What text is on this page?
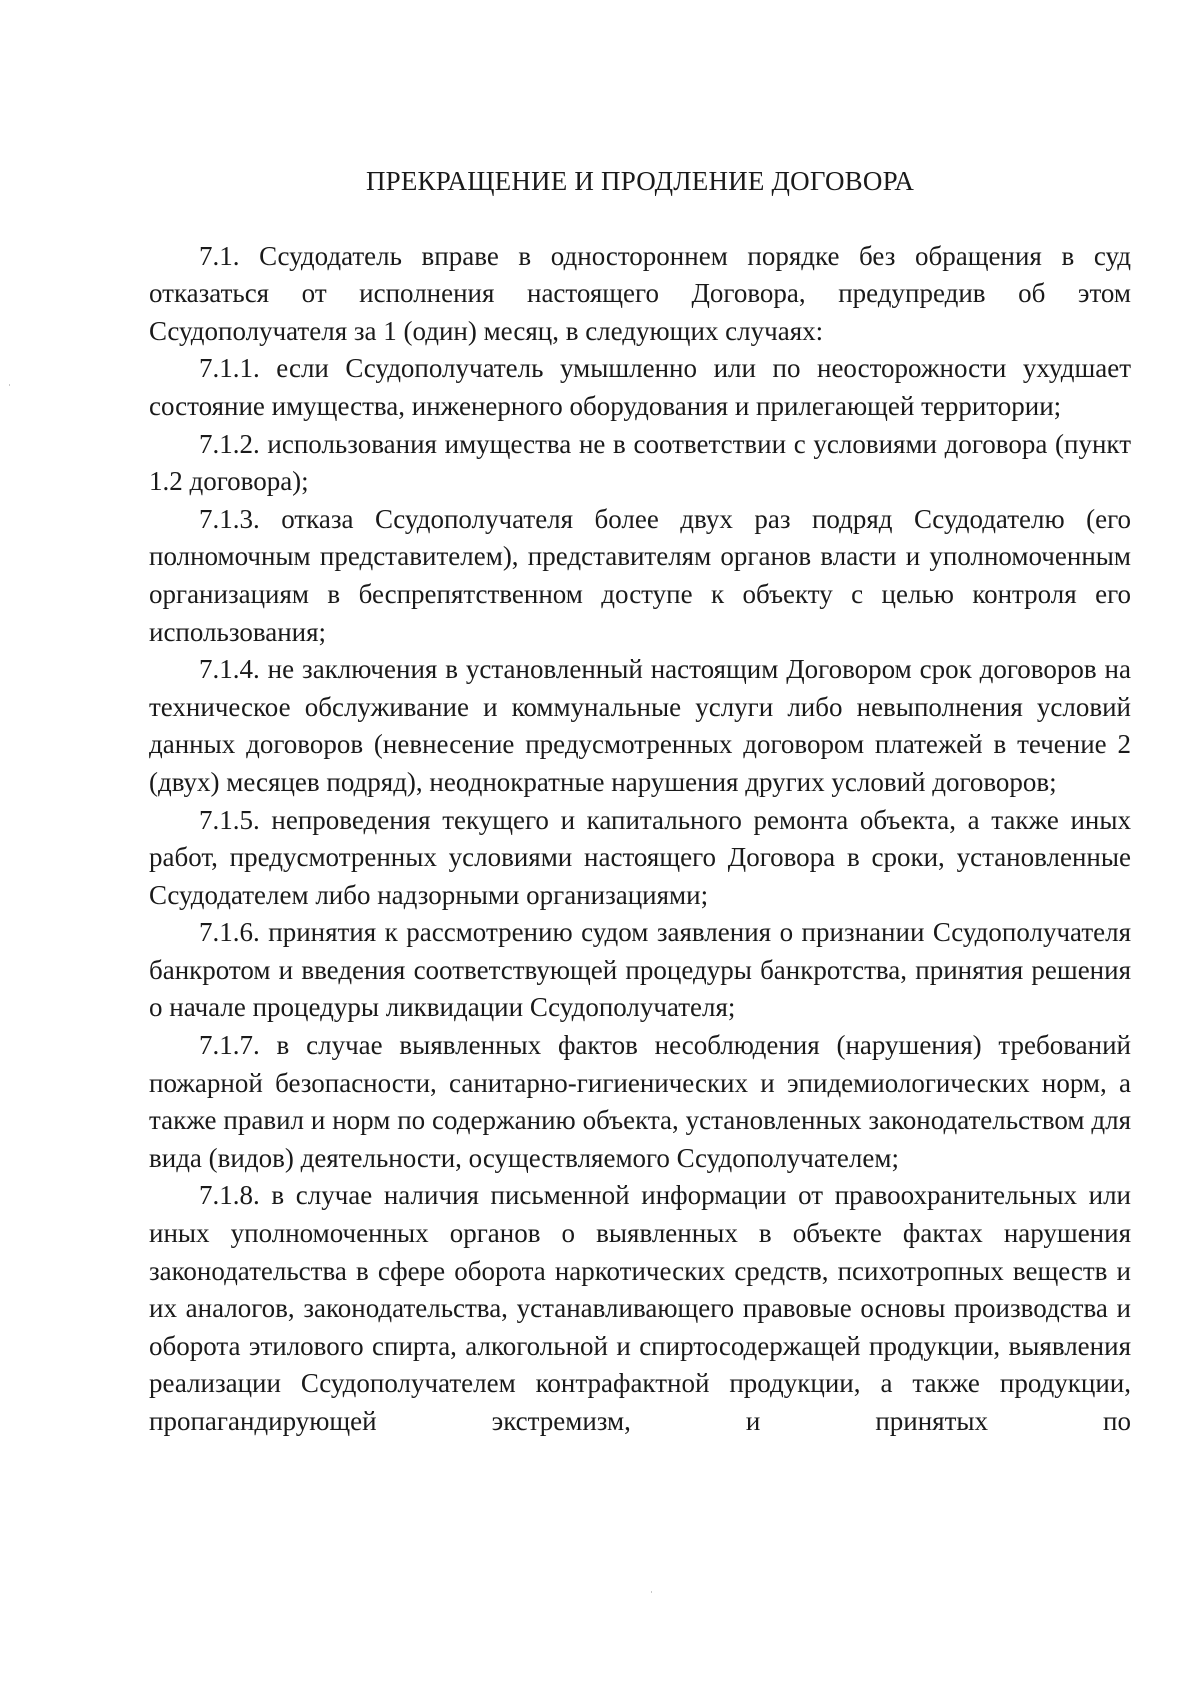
ПРЕКРАЩЕНИЕ И ПРОДЛЕНИЕ ДОГОВОРА

7.1. Ссудодатель вправе в одностороннем порядке без обращения в суд отказаться от исполнения настоящего Договора, предупредив об этом Ссудополучателя за 1 (один) месяц, в следующих случаях:

7.1.1. если Ссудополучатель умышленно или по неосторожности ухудшает состояние имущества, инженерного оборудования и прилегающей территории;

7.1.2. использования имущества не в соответствии с условиями договора (пункт 1.2 договора);

7.1.3. отказа Ссудополучателя более двух раз подряд Ссудодателю (его полномочным представителем), представителям органов власти и уполномоченным организациям в беспрепятственном доступе к объекту с целью контроля его использования;

7.1.4. не заключения в установленный настоящим Договором срок договоров на техническое обслуживание и коммунальные услуги либо невыполнения условий данных договоров (невнесение предусмотренных договором платежей в течение 2 (двух) месяцев подряд), неоднократные нарушения других условий договоров;

7.1.5. непроведения текущего и капитального ремонта объекта, а также иных работ, предусмотренных условиями настоящего Договора в сроки, установленные Ссудодателем либо надзорными организациями;

7.1.6. принятия к рассмотрению судом заявления о признании Ссудополучателя банкротом и введения соответствующей процедуры банкротства, принятия решения о начале процедуры ликвидации Ссудополучателя;

7.1.7. в случае выявленных фактов несоблюдения (нарушения) требований пожарной безопасности, санитарно-гигиенических и эпидемиологических норм, а также правил и норм по содержанию объекта, установленных законодательством для вида (видов) деятельности, осуществляемого Ссудополучателем;

7.1.8. в случае наличия письменной информации от правоохранительных или иных уполномоченных органов о выявленных в объекте фактах нарушения законодательства в сфере оборота наркотических средств, психотропных веществ и их аналогов, законодательства, устанавливающего правовые основы производства и оборота этилового спирта, алкогольной и спиртосодержащей продукции, выявления реализации Ссудополучателем контрафактной продукции, а также продукции, пропагандирующей экстремизм, и принятых по
